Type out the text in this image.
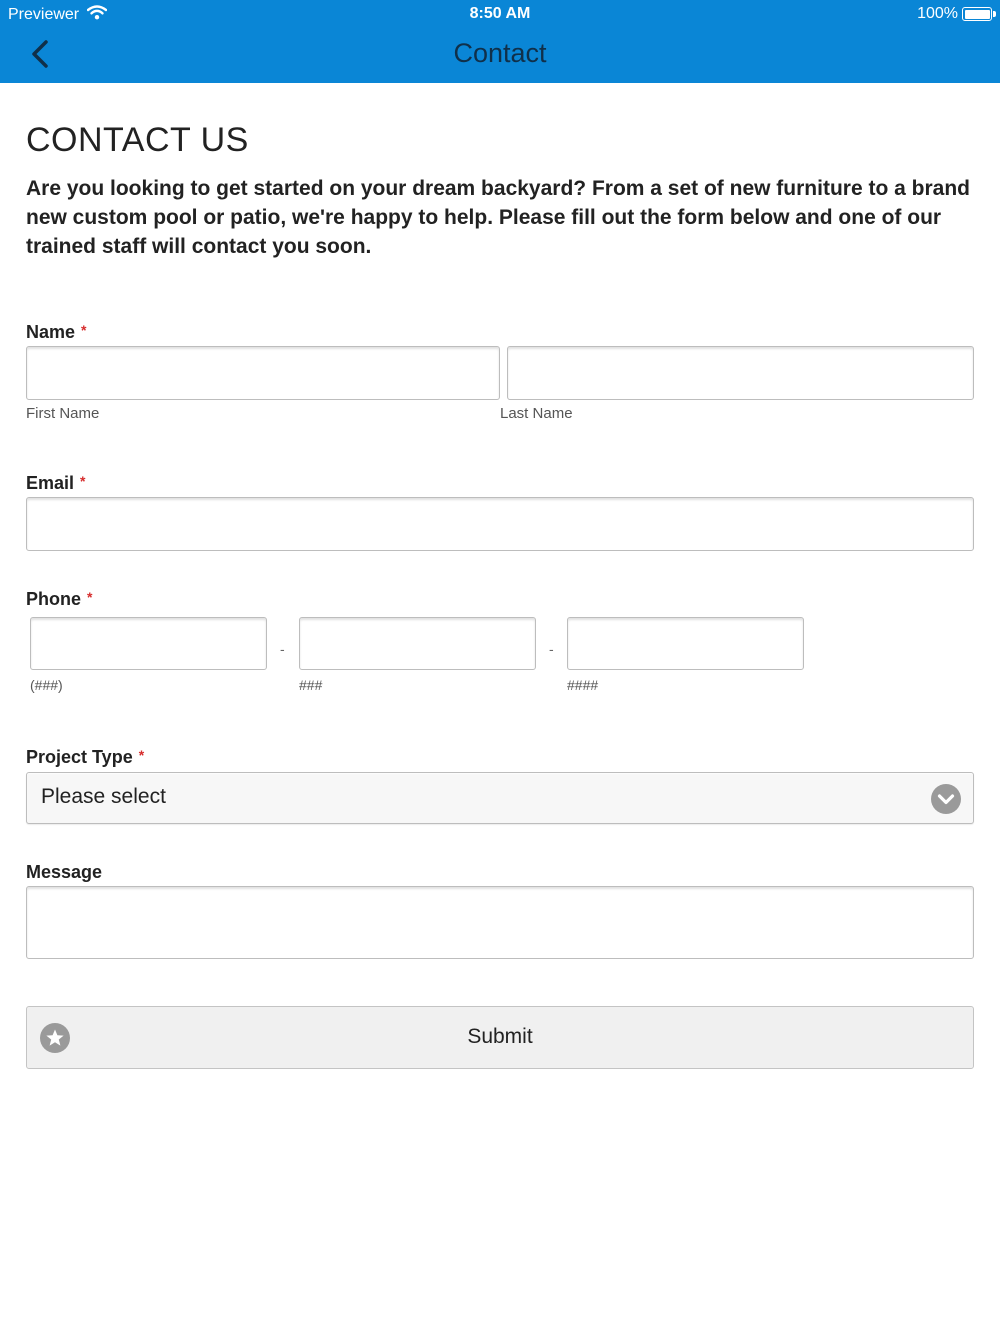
Previewer	8:50 AM	100%
Contact
CONTACT US

Are you looking to get started on your dream backyard? From a set of new furniture to a brand new custom pool or patio, we're happy to help. Please fill out the form below and one of our trained staff will contact you soon.

Name *
First Name	Last Name
Email *
Phone *
-	-
(###)	###	####
Project Type *
Please select
Message
Submit
